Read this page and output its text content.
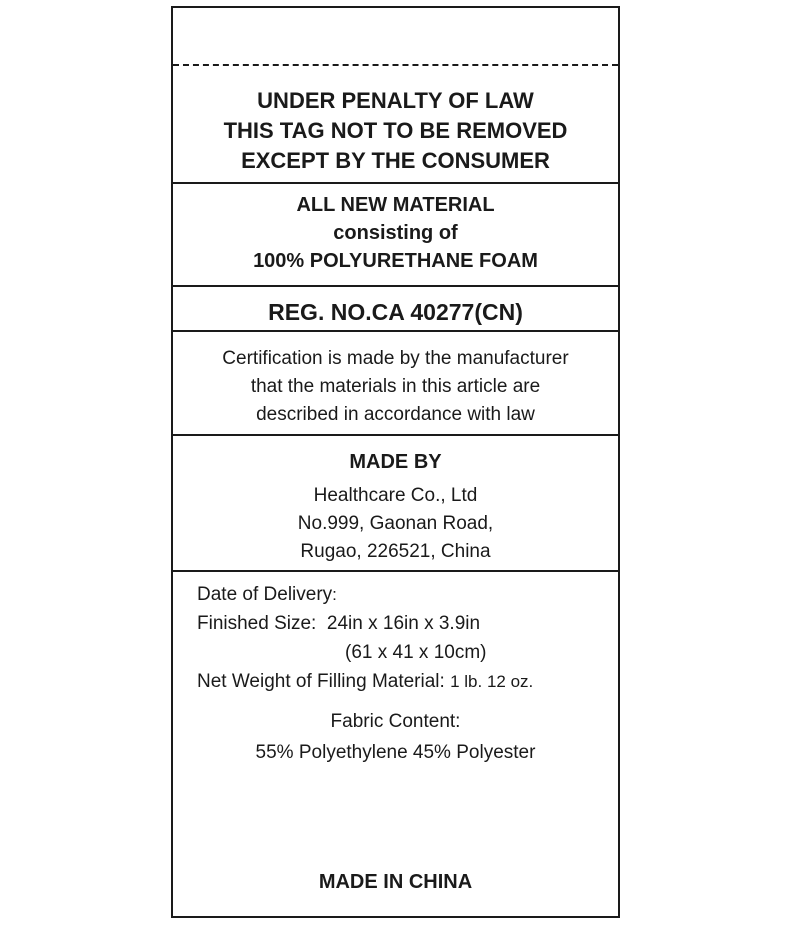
UNDER PENALTY OF LAW
THIS TAG NOT TO BE REMOVED
EXCEPT BY THE CONSUMER
ALL NEW MATERIAL
consisting of
100% POLYURETHANE FOAM
REG. NO.CA 40277(CN)
Certification is made by the manufacturer
that the materials in this article are
described in accordance with law
MADE BY
Healthcare Co., Ltd
No.999, Gaonan Road,
Rugao, 226521, China
Date of Delivery:
Finished Size: 24in x 16in x 3.9in
(61 x 41 x 10cm)
Net Weight of Filling Material: 1 lb. 12 oz.
Fabric Content:
55% Polyethylene 45% Polyester
MADE IN CHINA
